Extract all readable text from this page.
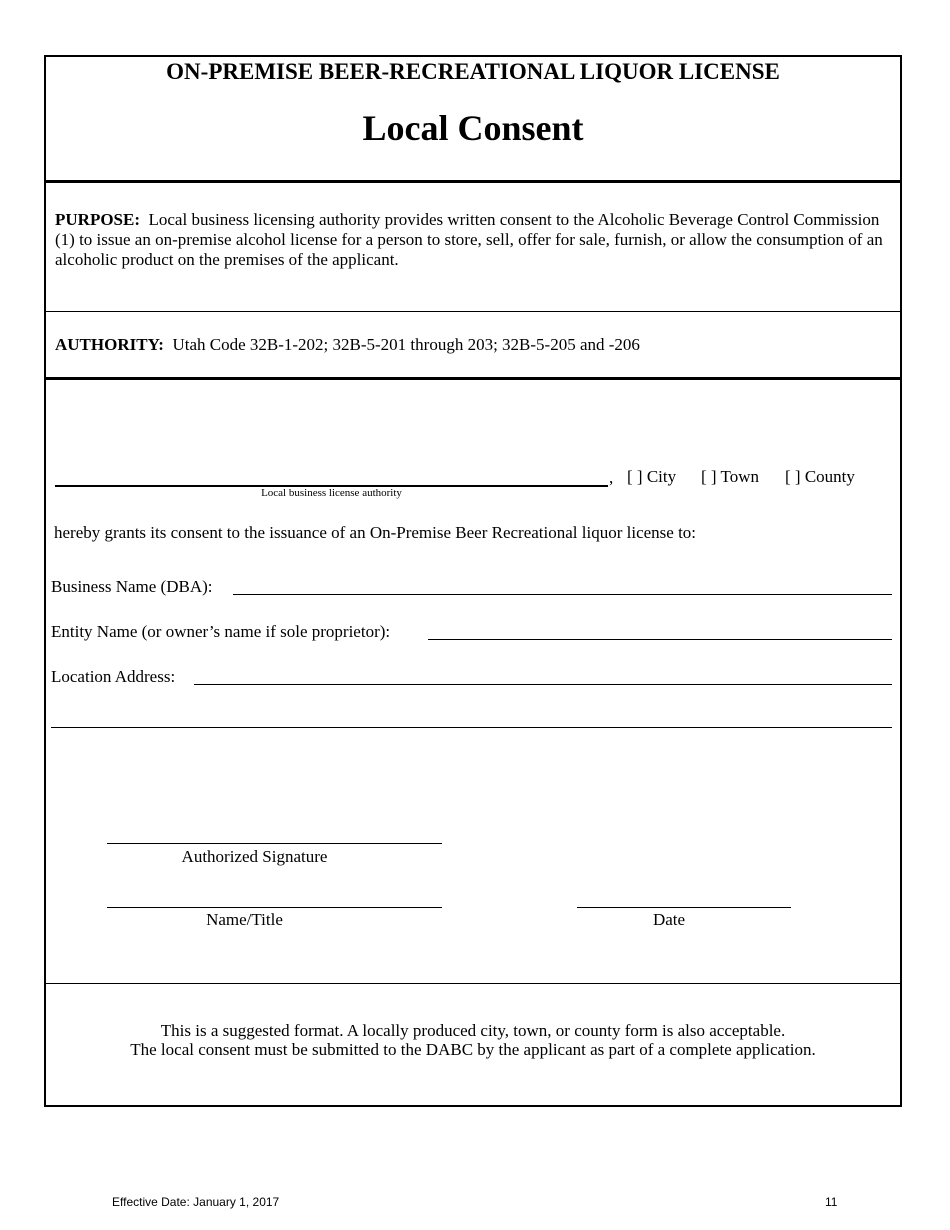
ON-PREMISE BEER-RECREATIONAL LIQUOR LICENSE
Local Consent
PURPOSE: Local business licensing authority provides written consent to the Alcoholic Beverage Control Commission (1) to issue an on-premise alcohol license for a person to store, sell, offer for sale, furnish, or allow the consumption of an alcoholic product on the premises of the applicant.
AUTHORITY: Utah Code 32B-1-202; 32B-5-201 through 203; 32B-5-205 and -206
,
Local business license authority
[ ] City [ ] Town [ ] County
hereby grants its consent to the issuance of an On-Premise Beer Recreational liquor license to:
Business Name (DBA):
Entity Name (or owner’s name if sole proprietor):
Location Address:
Authorized Signature
Name/Title	Date
This is a suggested format. A locally produced city, town, or county form is also acceptable.
The local consent must be submitted to the DABC by the applicant as part of a complete application.
Effective Date: January 1, 2017	11
